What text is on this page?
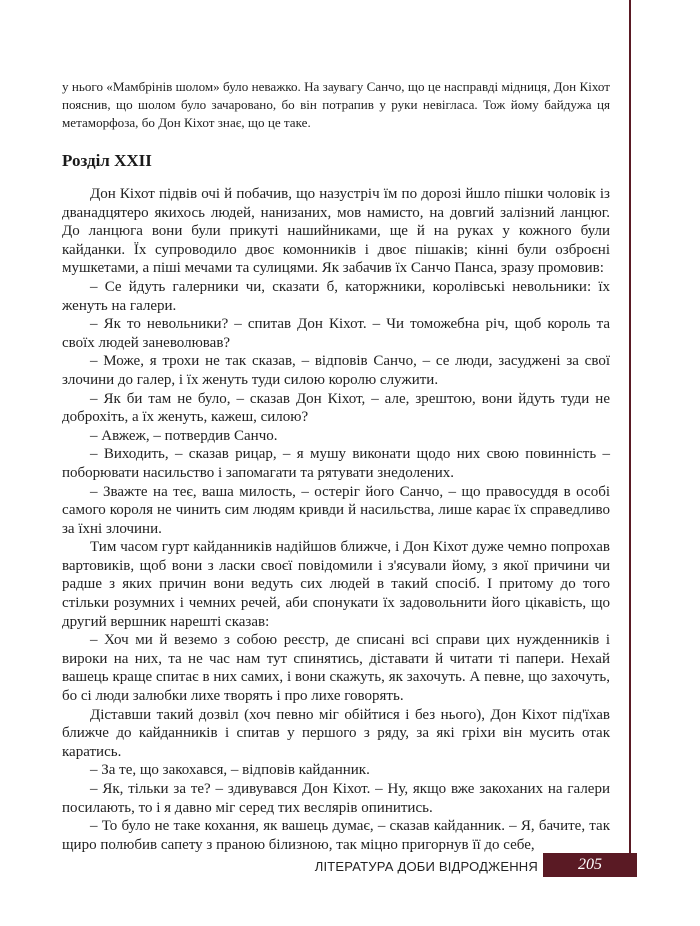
у нього «Мамбрінів шолом» було неважко. На заувагу Санчо, що це насправді мідниця, Дон Кіхот пояснив, що шолом було зачаровано, бо він потрапив у руки невігласа. Тож йому байдужа ця метаморфоза, бо Дон Кіхот знає, що це таке.

Розділ XXII

Дон Кіхот підвів очі й побачив, що назустріч їм по дорозі йшло пішки чоловік із дванадцятеро якихось людей, нанизаних, мов намисто, на довгий залізний ланцюг. До ланцюга вони були прикуті нашийниками, ще й на руках у кожного були кайданки. Їх супроводило двоє комонників і двоє пішаків; кінні були озброєні мушкетами, а піші мечами та сулицями. Як забачив їх Санчо Панса, зразу промовив:

– Се йдуть галерники чи, сказати б, каторжники, королівські невольники: їх женуть на галери.

– Як то невольники? – спитав Дон Кіхот. – Чи томожебна річ, щоб король та своїх людей заневолював?

– Може, я трохи не так сказав, – відповів Санчо, – се люди, засуджені за свої злочини до галер, і їх женуть туди силою королю служити.

– Як би там не було, – сказав Дон Кіхот, – але, зрештою, вони йдуть туди не доброхіть, а їх женуть, кажеш, силою?

– Авжеж, – потвердив Санчо.

– Виходить, – сказав рицар, – я мушу виконати щодо них свою повинність – поборювати насильство і запомагати та рятувати знедолених.

– Зважте на теє, ваша милость, – остеріг його Санчо, – що правосуддя в особі самого короля не чинить сим людям кривди й насильства, лише карає їх справедливо за їхні злочини.

Тим часом гурт кайданників надійшов ближче, і Дон Кіхот дуже чемно попрохав вартовиків, щоб вони з ласки своєї повідомили і з'ясували йому, з якої причини чи радше з яких причин вони ведуть сих людей в такий спосіб. І притому до того стільки розумних і чемних речей, аби спонукати їх задовольнити його цікавість, що другий вершник нарешті сказав:

– Хоч ми й веземо з собою реєстр, де списані всі справи цих нужденників і вироки на них, та не час нам тут спинятись, діставати й читати ті папери. Нехай вашець краще спитає в них самих, і вони скажуть, як захочуть. А певне, що захочуть, бо сі люди залюбки лихе творять і про лихе говорять.

Діставши такий дозвіл (хоч певно міг обійтися і без нього), Дон Кіхот під'їхав ближче до кайданників і спитав у першого з ряду, за які гріхи він мусить отак каратись.

– За те, що закохався, – відповів кайданник.

– Як, тільки за те? – здивувався Дон Кіхот. – Ну, якщо вже закоханих на галери посилають, то і я давно міг серед тих веслярів опинитись.

– То було не таке кохання, як вашець думає, – сказав кайданник. – Я, бачите, так щиро полюбив сапету з праною білизною, так міцно пригорнув її до себе,

ЛІТЕРАТУРА ДОБИ ВІДРОДЖЕННЯ	205
